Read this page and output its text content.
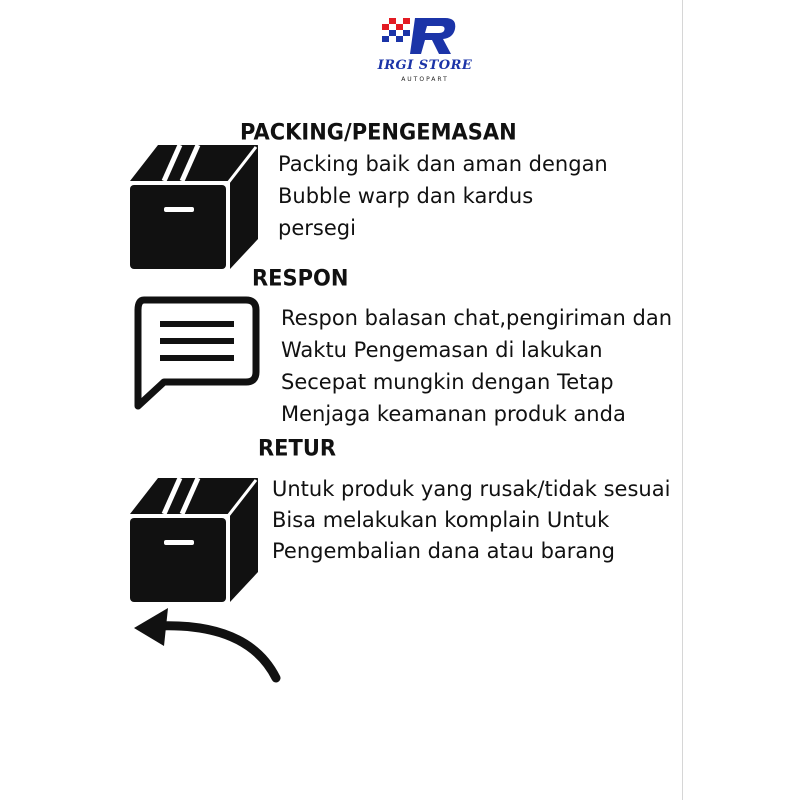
IRGI STORE
AUTOPART
PACKING/PENGEMASAN
Packing baik dan aman dengan
Bubble warp dan kardus
persegi
RESPON
Respon balasan chat,pengiriman dan
Waktu Pengemasan di lakukan
Secepat mungkin dengan Tetap
Menjaga keamanan produk anda
RETUR
Untuk produk yang rusak/tidak sesuai
Bisa melakukan komplain Untuk
Pengembalian dana atau barang
